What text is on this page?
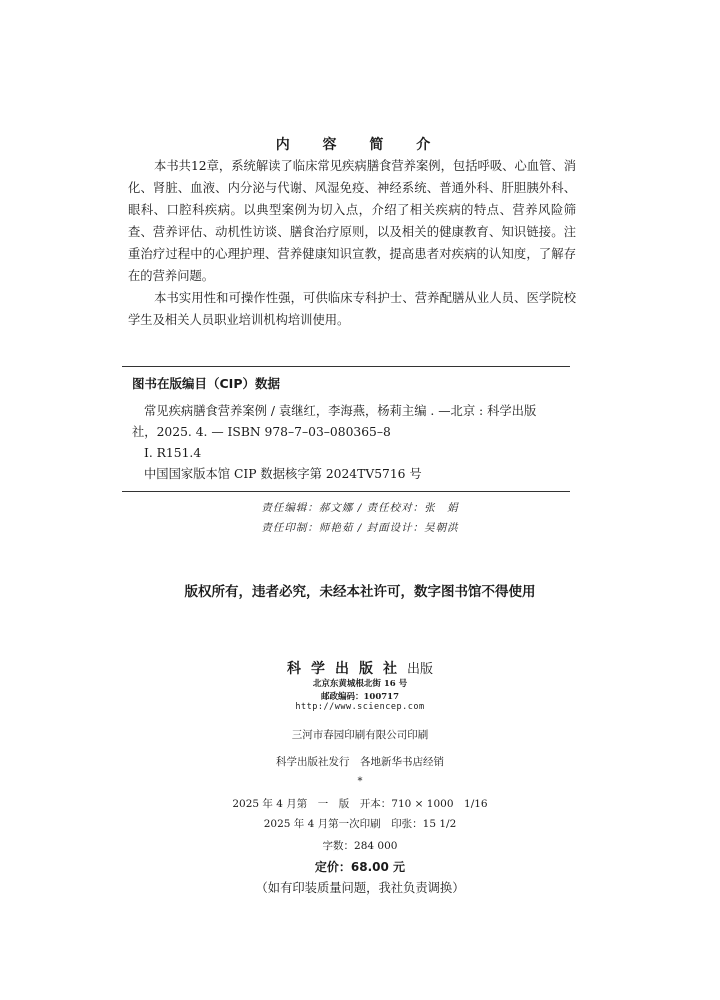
内 容 简 介
本书共12章，系统解读了临床常见疾病膳食营养案例，包括呼吸、心血管、消化、肾脏、血液、内分泌与代谢、风湿免疫、神经系统、普通外科、肝胆胰外科、眼科、口腔科疾病。以典型案例为切入点，介绍了相关疾病的特点、营养风险筛查、营养评估、动机性访谈、膳食治疗原则，以及相关的健康教育、知识链接。注重治疗过程中的心理护理、营养健康知识宣教，提高患者对疾病的认知度，了解存在的营养问题。
本书实用性和可操作性强，可供临床专科护士、营养配膳从业人员、医学院校学生及相关人员职业培训机构培训使用。
图书在版编目（CIP）数据
常见疾病膳食营养案例 / 袁继红，李海燕，杨莉主编 . —北京 : 科学出版
社，2025. 4. — ISBN 978–7–03–080365–8
Ⅰ. R151.4
中国国家版本馆 CIP 数据核字第 2024TV5716 号
责任编辑：郝文娜 / 责任校对：张　娟
责任印制：师艳茹 / 封面设计：吴朝洪
版权所有，违者必究，未经本社许可，数字图书馆不得使用
科学出版社出版
北京东黄城根北街 16 号
邮政编码：100717
http://www.sciencep.com
三河市春园印刷有限公司印刷
科学出版社发行　各地新华书店经销
*
2025 年 4 月第　一　版　开本：710 × 1000　1/16
2025 年 4 月第一次印刷　印张：15 1/2
字数：284 000
定价：68.00 元
（如有印装质量问题，我社负责调换）
